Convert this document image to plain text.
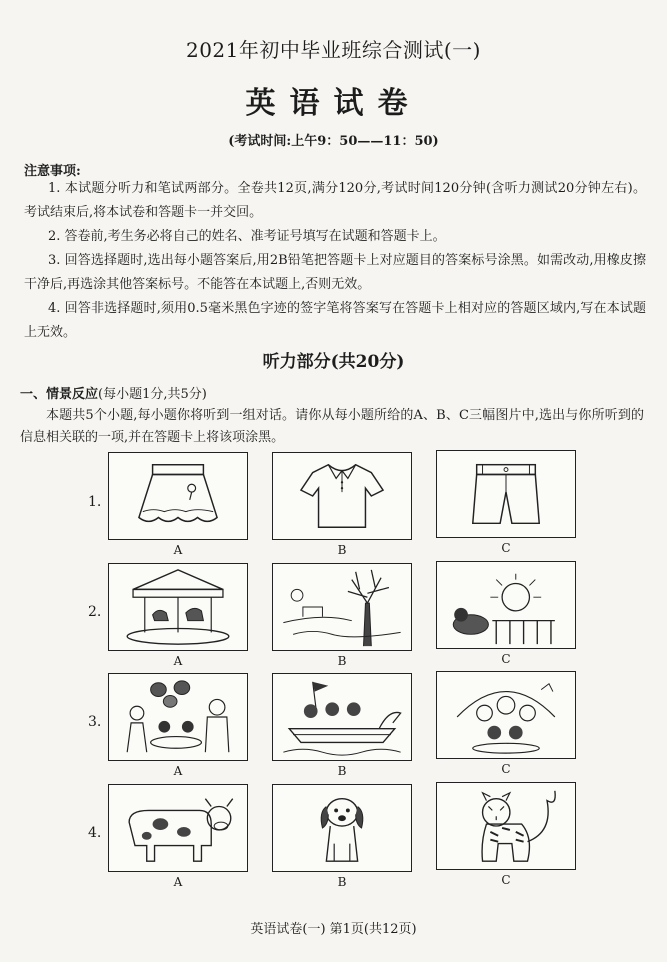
2021年初中毕业班综合测试(一)
英语试卷
(考试时间:上午9：50——11：50)
注意事项:

1. 本试题分听力和笔试两部分。全卷共12页,满分120分,考试时间120分钟(含听力测试20分钟左右)。考试结束后,将本试卷和答题卡一并交回。

2. 答卷前,考生务必将自己的姓名、准考证号填写在试题和答题卡上。

3. 回答选择题时,选出每小题答案后,用2B铅笔把答题卡上对应题目的答案标号涂黑。如需改动,用橡皮擦干净后,再选涂其他答案标号。不能答在本试题上,否则无效。

4. 回答非选择题时,须用0.5毫米黑色字迹的签字笔将答案写在答题卡上相对应的答题区域内,写在本试题上无效。

听力部分(共20分)
一、情景反应(每小题1分,共5分)

本题共5个小题,每小题你将听到一组对话。请你从每小题所给的A、B、C三幅图片中,选出与你所听到的信息相关联的一项,并在答题卡上将该项涂黑。

1.
A	B	C
2.
A	B	C
3.
A	B	C
4.
A	B	C
英语试卷(一) 第1页(共12页)
